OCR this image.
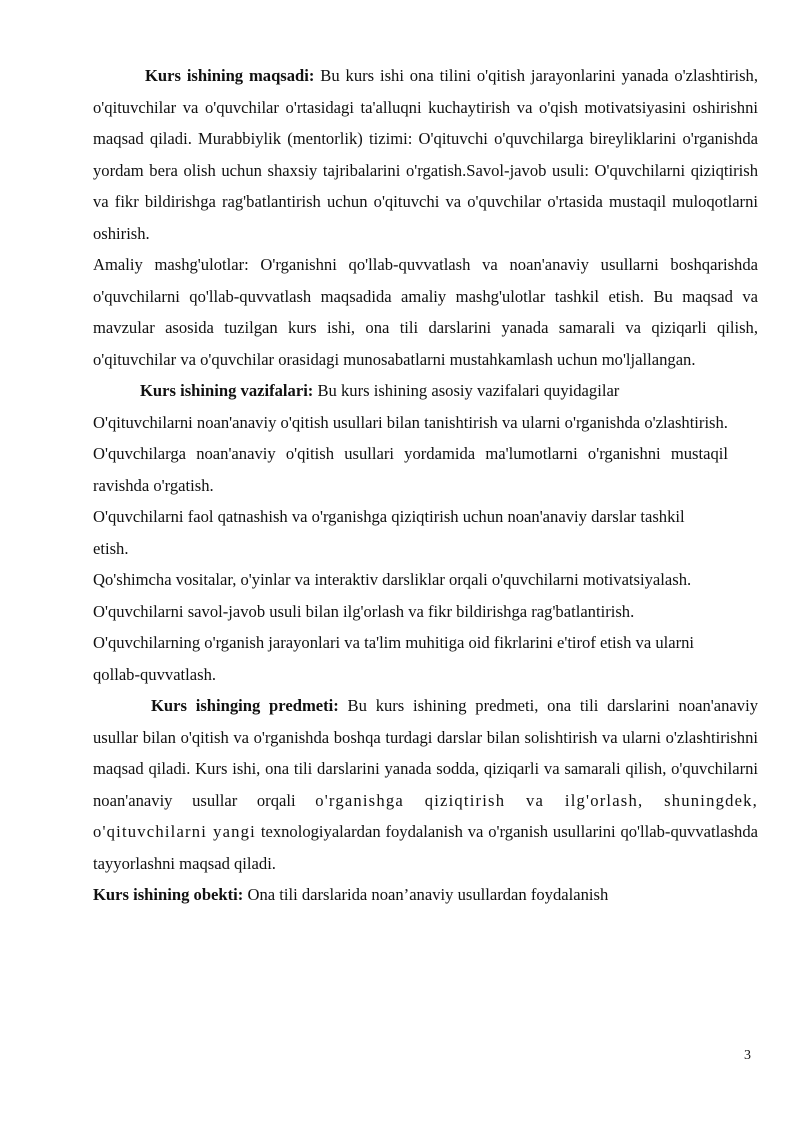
Kurs ishining maqsadi: Bu kurs ishi ona tilini o'qitish jarayonlarini yanada o'zlashtirish, o'qituvchilar va o'quvchilar o'rtasidagi ta'alluqni kuchaytirish va o'qish motivatsiyasini oshirishni maqsad qiladi. Murabbiylik (mentorlik) tizimi: O'qituvchi o'quvchilarga bireyliklarini o'rganishda yordam bera olish uchun shaxsiy tajribalarini o'rgatish.Savol-javob usuli: O'quvchilarni qiziqtirish va fikr bildirishga rag'batlantirish uchun o'qituvchi va o'quvchilar o'rtasida mustaqil muloqotlarni oshirish.

Amaliy mashg'ulotlar: O'rganishni qo'llab-quvvatlash va noan'anaviy usullarni boshqarishda o'quvchilarni qo'llab-quvvatlash maqsadida amaliy mashg'ulotlar tashkil etish. Bu maqsad va mavzular asosida tuzilgan kurs ishi, ona tili darslarini yanada samarali va qiziqarli qilish, o'qituvchilar va o'quvchilar orasidagi munosabatlarni mustahkamlash uchun mo'ljallangan.

Kurs ishining vazifalari: Bu kurs ishining asosiy vazifalari quyidagilar

O'qituvchilarni noan'anaviy o'qitish usullari bilan tanishtirish va ularni o'rganishda o'zlashtirish.

O'quvchilarga noan'anaviy o'qitish usullari yordamida ma'lumotlarni o'rganishni mustaqil ravishda o'rgatish.

O'quvchilarni faol qatnashish va o'rganishga qiziqtirish uchun noan'anaviy darslar tashkil etish.

Qo'shimcha vositalar, o'yinlar va interaktiv darsliklar orqali o'quvchilarni motivatsiyalash.

O'quvchilarni savol-javob usuli bilan ilg'orlash va fikr bildirishga rag'batlantirish.

O'quvchilarning o'rganish jarayonlari va ta'lim muhitiga oid fikrlarini e'tirof etish va ularni qollab-quvvatlash.

Kurs ishinging predmeti: Bu kurs ishining predmeti, ona tili darslarini noan'anaviy usullar bilan o'qitish va o'rganishda boshqa turdagi darslar bilan solishtirish va ularni o'zlashtirishni maqsad qiladi. Kurs ishi, ona tili darslarini yanada sodda, qiziqarli va samarali qilish, o'quvchilarni noan'anaviy usullar orqali o'rganishga qiziqtirish va ilg'orlash, shuningdek, o'qituvchilarni yangi texnologiyalardan foydalanish va o'rganish usullarini qo'llab-quvvatlashda tayyorlashni maqsad qiladi.

Kurs ishining obekti: Ona tili darslarida noan’anaviy usullardan foydalanish

3
